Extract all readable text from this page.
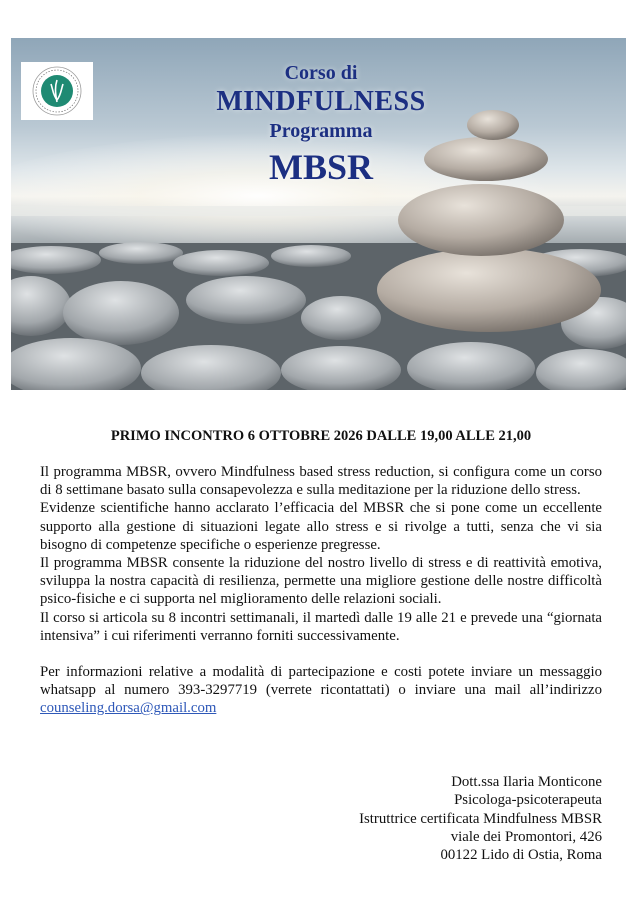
Corso di
MINDFULNESS
Programma
MBSR
PRIMO INCONTRO 6 OTTOBRE 2026 DALLE 19,00 ALLE 21,00

Il programma MBSR, ovvero Mindfulness based stress reduction, si configura come un corso di 8 settimane basato sulla consapevolezza e sulla meditazione per la riduzione dello stress.

Evidenze scientifiche hanno acclarato l’efficacia del MBSR che si pone come un eccellente supporto alla gestione di situazioni legate allo stress e si rivolge a tutti, senza che vi sia bisogno di competenze specifiche o esperienze pregresse.

Il programma MBSR consente la riduzione del nostro livello di stress e di reattività emotiva, sviluppa la nostra capacità di resilienza, permette una migliore gestione delle nostre difficoltà psico-fisiche e ci supporta nel miglioramento delle relazioni sociali.

Il corso si articola su 8 incontri settimanali, il martedì dalle 19 alle 21 e prevede una “giornata intensiva” i cui riferimenti verranno forniti successivamente.

Per informazioni relative a modalità di partecipazione e costi potete inviare un messaggio whatsapp al numero 393-3297719 (verrete ricontattati) o inviare una mail all’indirizzo counseling.dorsa@gmail.com

Dott.ssa Ilaria Monticone
Psicologa-psicoterapeuta
Istruttrice certificata Mindfulness MBSR
viale dei Promontori, 426
00122 Lido di Ostia, Roma
